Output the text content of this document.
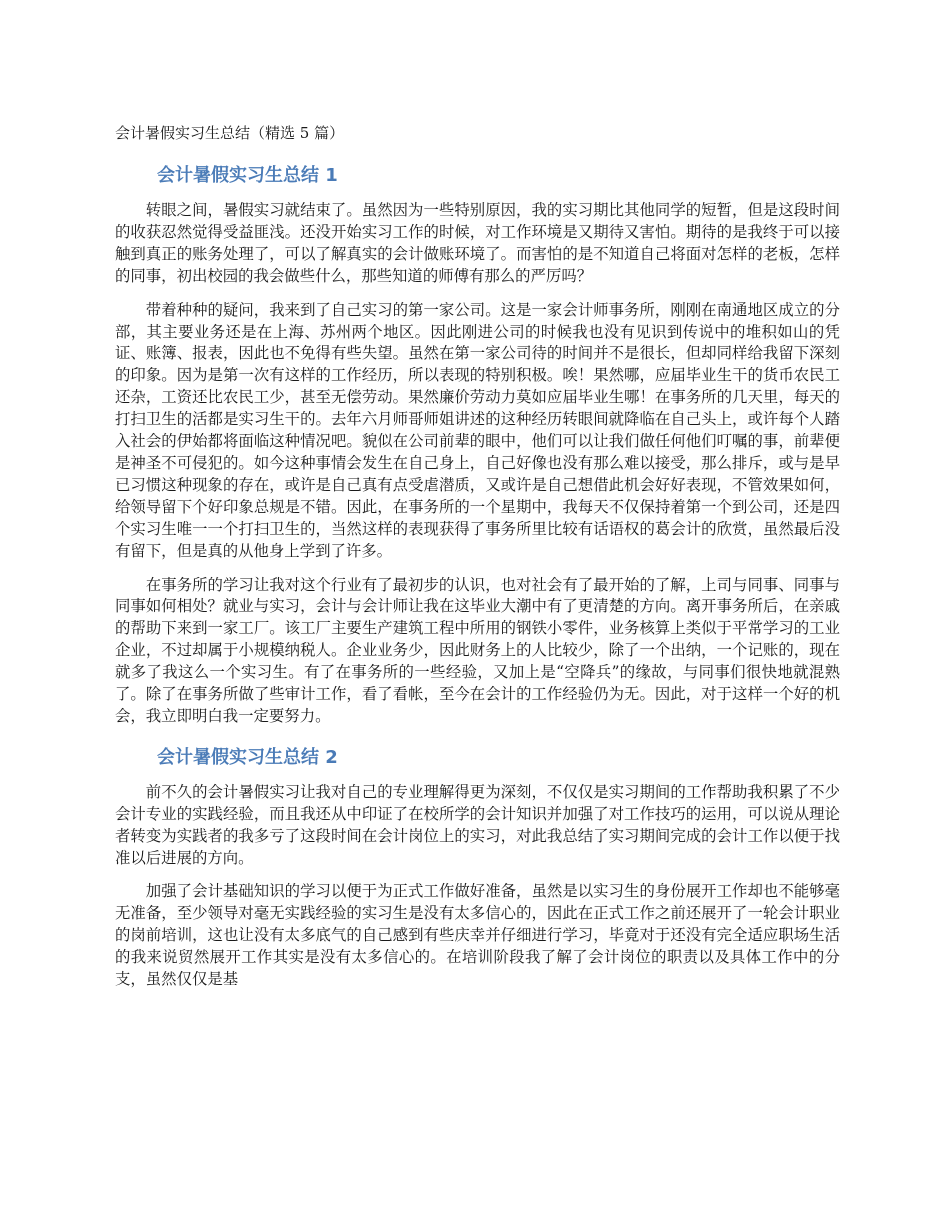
会计暑假实习生总结（精选 5 篇）
会计暑假实习生总结 1

转眼之间，暑假实习就结束了。虽然因为一些特别原因，我的实习期比其他同学的短暂，但是这段时间的收获忍然觉得受益匪浅。还没开始实习工作的时候，对工作环境是又期待又害怕。期待的是我终于可以接触到真正的账务处理了，可以了解真实的会计做账环境了。而害怕的是不知道自己将面对怎样的老板，怎样的同事，初出校园的我会做些什么，那些知道的师傅有那么的严厉吗？

带着种种的疑问，我来到了自己实习的第一家公司。这是一家会计师事务所，刚刚在南通地区成立的分部，其主要业务还是在上海、苏州两个地区。因此刚进公司的时候我也没有见识到传说中的堆积如山的凭证、账簿、报表，因此也不免得有些失望。虽然在第一家公司待的时间并不是很长，但却同样给我留下深刻的印象。因为是第一次有这样的工作经历，所以表现的特别积极。唉！果然哪，应届毕业生干的货币农民工还杂，工资还比农民工少，甚至无偿劳动。果然廉价劳动力莫如应届毕业生哪！在事务所的几天里，每天的打扫卫生的活都是实习生干的。去年六月师哥师姐讲述的这种经历转眼间就降临在自己头上，或许每个人踏入社会的伊始都将面临这种情况吧。貌似在公司前辈的眼中，他们可以让我们做任何他们叮嘱的事，前辈便是神圣不可侵犯的。如今这种事情会发生在自己身上，自己好像也没有那么难以接受，那么排斥，或与是早已习惯这种现象的存在，或许是自己真有点受虐潜质，又或许是自己想借此机会好好表现，不管效果如何，给领导留下个好印象总规是不错。因此，在事务所的一个星期中，我每天不仅保持着第一个到公司，还是四个实习生唯一一个打扫卫生的，当然这样的表现获得了事务所里比较有话语权的葛会计的欣赏，虽然最后没有留下，但是真的从他身上学到了许多。

在事务所的学习让我对这个行业有了最初步的认识，也对社会有了最开始的了解，上司与同事、同事与同事如何相处？就业与实习，会计与会计师让我在这毕业大潮中有了更清楚的方向。离开事务所后，在亲戚的帮助下来到一家工厂。该工厂主要生产建筑工程中所用的钢铁小零件，业务核算上类似于平常学习的工业企业，不过却属于小规模纳税人。企业业务少，因此财务上的人比较少，除了一个出纳，一个记账的，现在就多了我这么一个实习生。有了在事务所的一些经验，又加上是“空降兵”的缘故，与同事们很快地就混熟了。除了在事务所做了些审计工作，看了看帐，至今在会计的工作经验仍为无。因此，对于这样一个好的机会，我立即明白我一定要努力。

会计暑假实习生总结 2

前不久的会计暑假实习让我对自己的专业理解得更为深刻，不仅仅是实习期间的工作帮助我积累了不少会计专业的实践经验，而且我还从中印证了在校所学的会计知识并加强了对工作技巧的运用，可以说从理论者转变为实践者的我多亏了这段时间在会计岗位上的实习，对此我总结了实习期间完成的会计工作以便于找准以后进展的方向。

加强了会计基础知识的学习以便于为正式工作做好准备，虽然是以实习生的身份展开工作却也不能够毫无准备，至少领导对毫无实践经验的实习生是没有太多信心的，因此在正式工作之前还展开了一轮会计职业的岗前培训，这也让没有太多底气的自己感到有些庆幸并仔细进行学习，毕竟对于还没有完全适应职场生活的我来说贸然展开工作其实是没有太多信心的。在培训阶段我了解了会计岗位的职责以及具体工作中的分支，虽然仅仅是基
